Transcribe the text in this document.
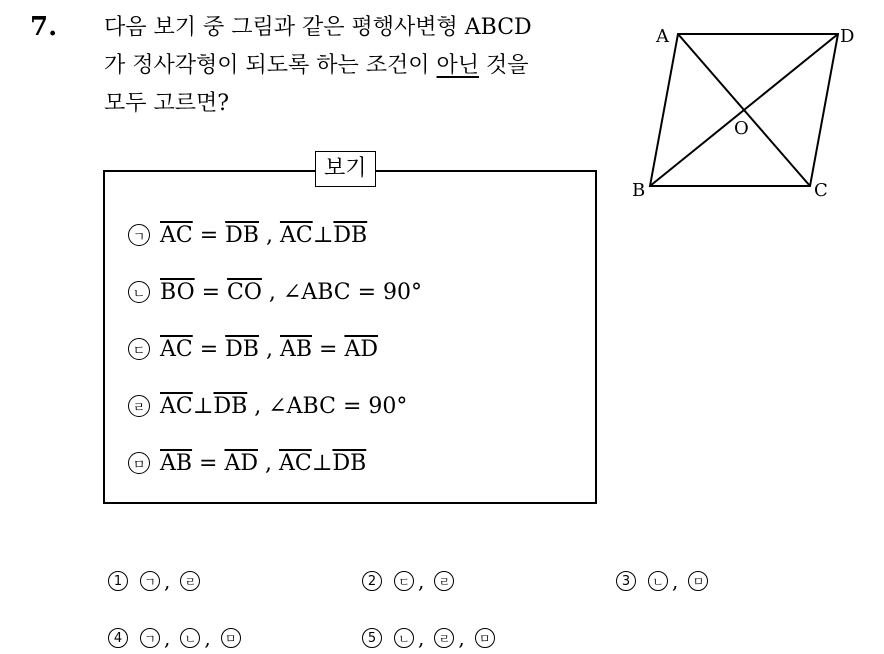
7. 다음 보기 중 그림과 같은 평행사변형 ABCD
가 정사각형이 되도록 하는 조건이 아닌 것을
모두 고르면?
A	D
B	C
O
보기
ㄱ $\overline{AC} = \overline{DB}$ , $\overline{AC}\perp\overline{DB}$
ㄴ $\overline{BO} = \overline{CO}$ , ∠ABC = 90°
ㄷ $\overline{AC} = \overline{DB}$ , $\overline{AB} = \overline{AD}$
ㄹ $\overline{AC}\perp\overline{DB}$ , ∠ABC = 90°
ㅁ $\overline{AB} = \overline{AD}$ , $\overline{AC}\perp\overline{DB}$
1	ㄱ ,	ㄹ	2	ㄷ ,	ㄹ	3	ㄴ ,	ㅁ
4	ㄱ ,	ㄴ ,	ㅁ	5	ㄴ ,	ㄹ ,	ㅁ
